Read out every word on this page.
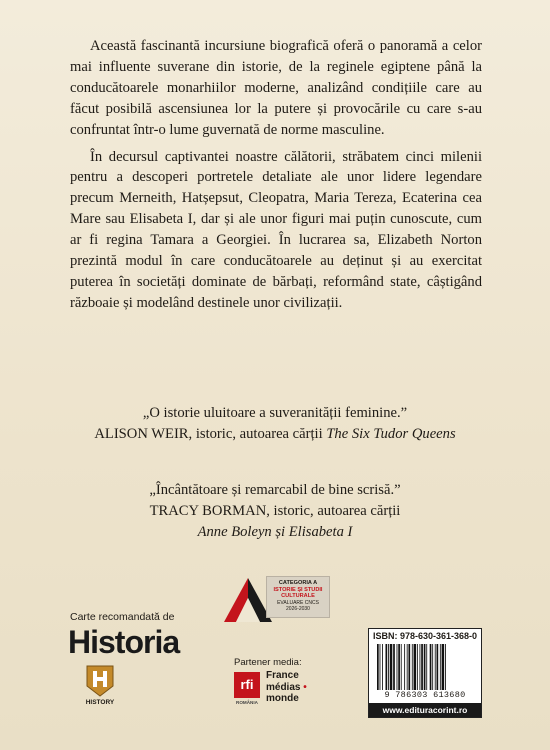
Această fascinantă incursiune biografică oferă o panoramă a celor mai influente suverane din istorie, de la reginele egiptene până la conducătoarele monarhiilor moderne, analizând condițiile care au făcut posibilă ascensiunea lor la putere și provocările cu care s-au confruntat într-o lume guvernată de norme masculine.

În decursul captivantei noastre călătorii, străbatem cinci milenii pentru a descoperi portretele detaliate ale unor lidere legendare precum Merneith, Hatșepsut, Cleopatra, Maria Tereza, Ecaterina cea Mare sau Elisabeta I, dar și ale unor figuri mai puțin cunoscute, cum ar fi regina Tamara a Georgiei. În lucrarea sa, Elizabeth Norton prezintă modul în care conducătoarele au deținut și au exercitat puterea în societăți dominate de bărbați, reformând state, câștigând războaie și modelând destinele unor civilizații.

„O istorie uluitoare a suveranității feminine.”
ALISON WEIR, istoric, autoarea cărții The Six Tudor Queens
„Încântătoare și remarcabil de bine scrisă.”
TRACY BORMAN, istoric, autoarea cărții
Anne Boleyn și Elisabeta I
CATEGORIA A
ISTORIE ȘI STUDII
CULTURALE
EVALUARE CNCS
2026-2030
Carte recomandată de
Historia
HISTORY
Partener media:
rfi
ROMÂNIA
France
médias •
monde
ISBN: 978-630-361-368-0
9 786303 613680
www.edituracorint.ro
